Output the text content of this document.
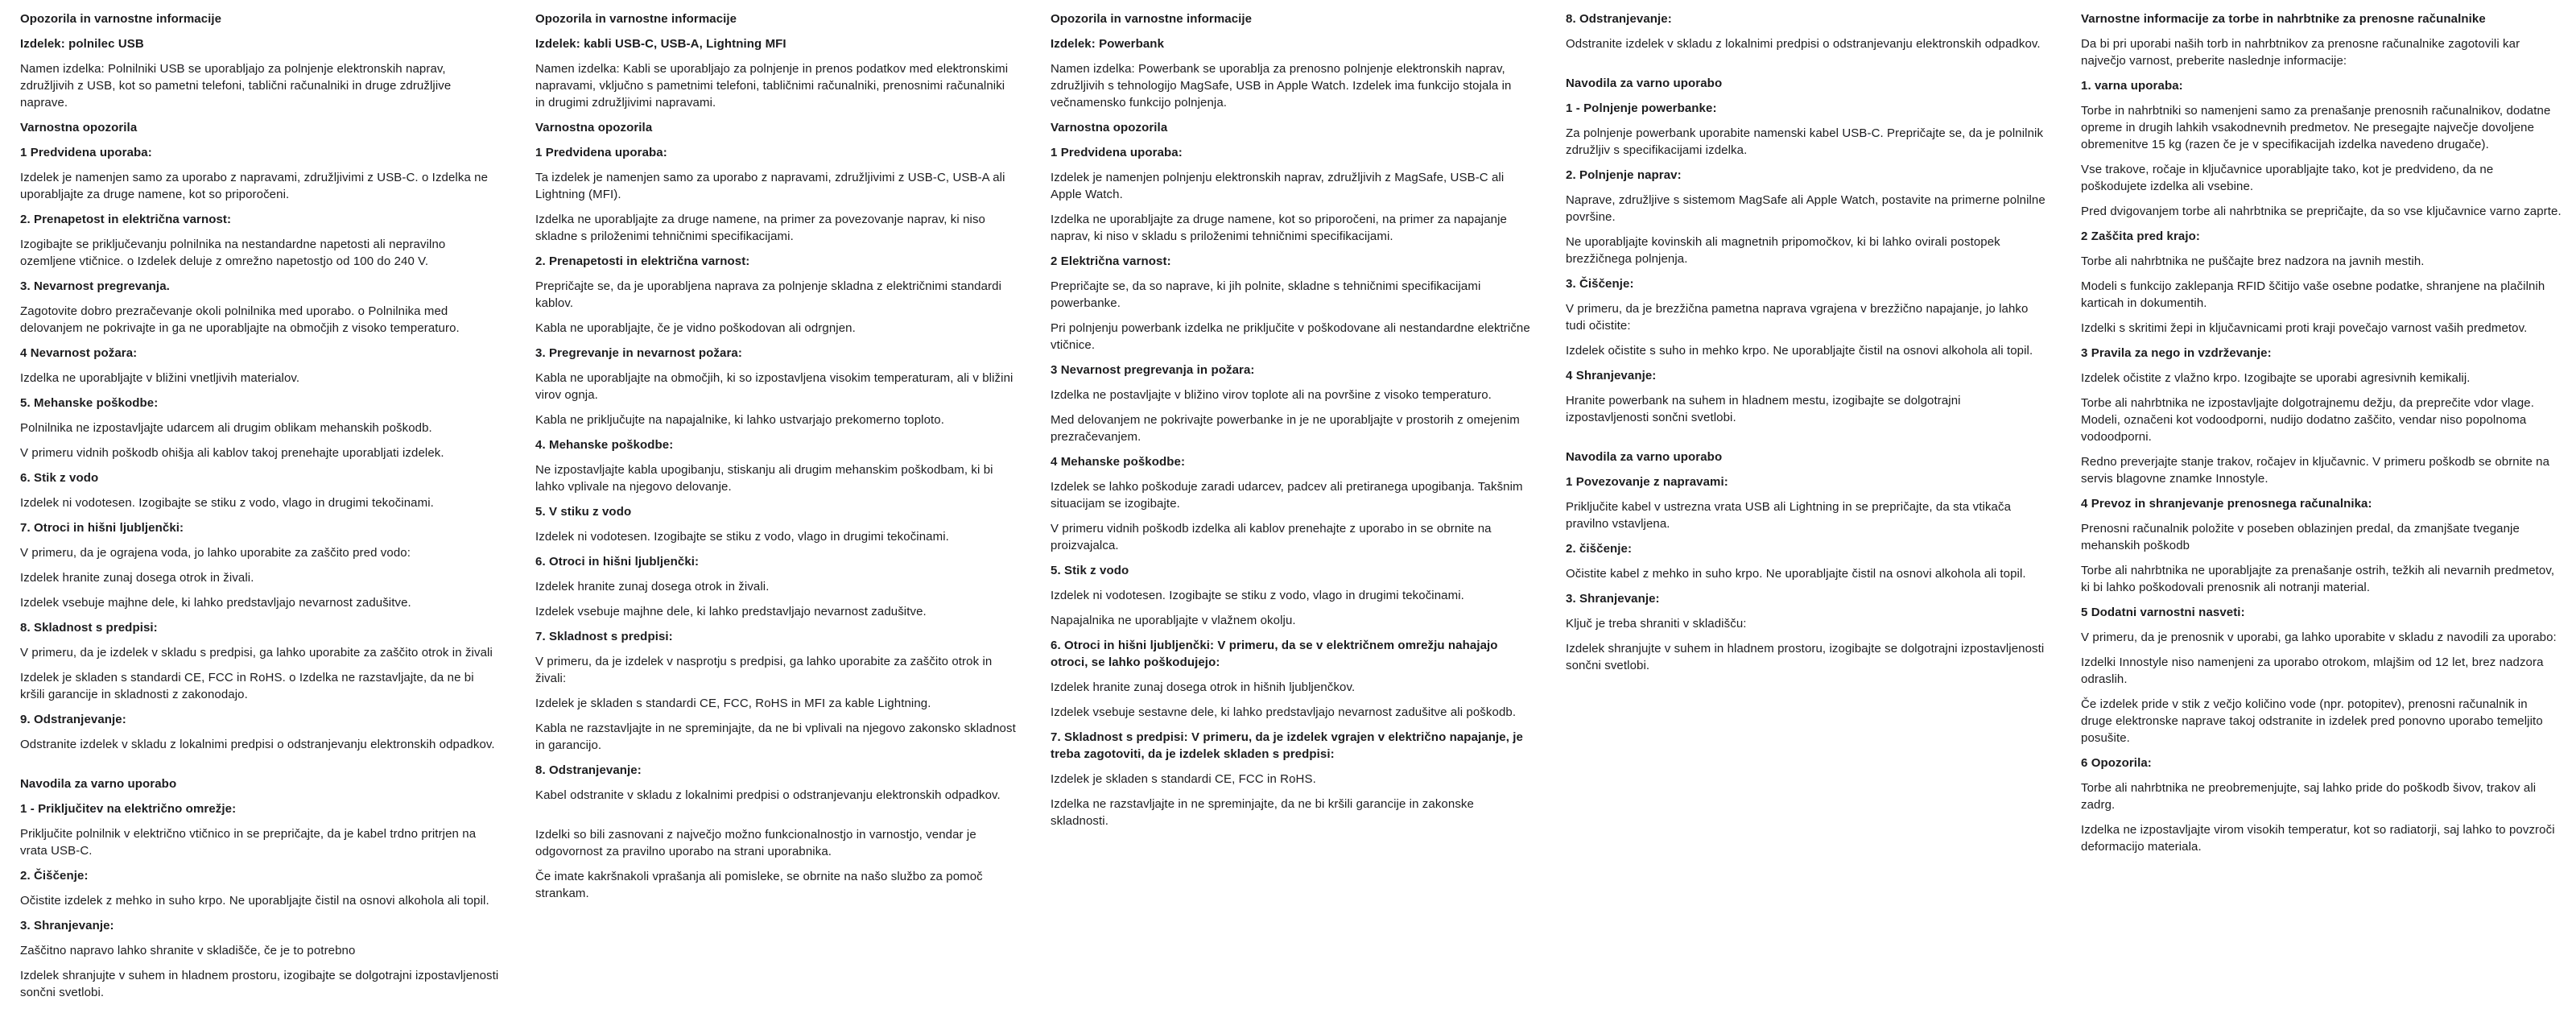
Opozorila in varnostne informacije
Izdelek: polnilec USB
Namen izdelka: Polnilniki USB se uporabljajo za polnjenje elektronskih naprav, združljivih z USB, kot so pametni telefoni, tablični računalniki in druge združljive naprave.
Varnostna opozorila
1 Predvidena uporaba:
Izdelek je namenjen samo za uporabo z napravami, združljivimi z USB-C. o Izdelka ne uporabljajte za druge namene, kot so priporočeni.
2. Prenapetost in električna varnost:
Izogibajte se priključevanju polnilnika na nestandardne napetosti ali nepravilno ozemljene vtičnice. o Izdelek deluje z omrežno napetostjo od 100 do 240 V.
3. Nevarnost pregrevanja.
Zagotovite dobro prezračevanje okoli polnilnika med uporabo. o Polnilnika med delovanjem ne pokrivajte in ga ne uporabljajte na območjih z visoko temperaturo.
4 Nevarnost požara:
Izdelka ne uporabljajte v bližini vnetljivih materialov.
5. Mehanske poškodbe:
Polnilnika ne izpostavljajte udarcem ali drugim oblikam mehanskih poškodb.
V primeru vidnih poškodb ohišja ali kablov takoj prenehajte uporabljati izdelek.
6. Stik z vodo
Izdelek ni vodotesen. Izogibajte se stiku z vodo, vlago in drugimi tekočinami.
7. Otroci in hišni ljubljenčki:
V primeru, da je ograjena voda, jo lahko uporabite za zaščito pred vodo:
Izdelek hranite zunaj dosega otrok in živali.
Izdelek vsebuje majhne dele, ki lahko predstavljajo nevarnost zadušitve.
8. Skladnost s predpisi:
V primeru, da je izdelek v skladu s predpisi, ga lahko uporabite za zaščito otrok in živali
Izdelek je skladen s standardi CE, FCC in RoHS. o Izdelka ne razstavljajte, da ne bi kršili garancije in skladnosti z zakonodajo.
9. Odstranjevanje:
Odstranite izdelek v skladu z lokalnimi predpisi o odstranjevanju elektronskih odpadkov.
Navodila za varno uporabo
1 - Priključitev na električno omrežje:
Priključite polnilnik v električno vtičnico in se prepričajte, da je kabel trdno pritrjen na vrata USB-C.
2. Čiščenje:
Očistite izdelek z mehko in suho krpo. Ne uporabljajte čistil na osnovi alkohola ali topil.
3. Shranjevanje:
Zaščitno napravo lahko shranite v skladišče, če je to potrebno
Izdelek shranjujte v suhem in hladnem prostoru, izogibajte se dolgotrajni izpostavljenosti sončni svetlobi.
Opozorila in varnostne informacije
Izdelek: kabli USB-C, USB-A, Lightning MFI
Namen izdelka: Kabli se uporabljajo za polnjenje in prenos podatkov med elektronskimi napravami, vključno s pametnimi telefoni, tabličnimi računalniki, prenosnimi računalniki in drugimi združljivimi napravami.
Varnostna opozorila
1 Predvidena uporaba:
Ta izdelek je namenjen samo za uporabo z napravami, združljivimi z USB-C, USB-A ali Lightning (MFI).
Izdelka ne uporabljajte za druge namene, na primer za povezovanje naprav, ki niso skladne s priloženimi tehničnimi specifikacijami.
2. Prenapetosti in električna varnost:
Prepričajte se, da je uporabljena naprava za polnjenje skladna z električnimi standardi kablov.
Kabla ne uporabljajte, če je vidno poškodovan ali odrgnjen.
3. Pregrevanje in nevarnost požara:
Kabla ne uporabljajte na območjih, ki so izpostavljena visokim temperaturam, ali v bližini virov ognja.
Kabla ne priključujte na napajalnike, ki lahko ustvarjajo prekomerno toploto.
4. Mehanske poškodbe:
Ne izpostavljajte kabla upogibanju, stiskanju ali drugim mehanskim poškodbam, ki bi lahko vplivale na njegovo delovanje.
5. V stiku z vodo
Izdelek ni vodotesen. Izogibajte se stiku z vodo, vlago in drugimi tekočinami.
6. Otroci in hišni ljubljenčki:
Izdelek hranite zunaj dosega otrok in živali.
Izdelek vsebuje majhne dele, ki lahko predstavljajo nevarnost zadušitve.
7. Skladnost s predpisi:
V primeru, da je izdelek v nasprotju s predpisi, ga lahko uporabite za zaščito otrok in živali:
Izdelek je skladen s standardi CE, FCC, RoHS in MFI za kable Lightning.
Kabla ne razstavljajte in ne spreminjajte, da ne bi vplivali na njegovo zakonsko skladnost in garancijo.
8. Odstranjevanje:
Kabel odstranite v skladu z lokalnimi predpisi o odstranjevanju elektronskih odpadkov.
Izdelki so bili zasnovani z največjo možno funkcionalnostjo in varnostjo, vendar je odgovornost za pravilno uporabo na strani uporabnika.
Če imate kakršnakoli vprašanja ali pomisleke, se obrnite na našo službo za pomoč strankam.
Opozorila in varnostne informacije
Izdelek: Powerbank
Namen izdelka: Powerbank se uporablja za prenosno polnjenje elektronskih naprav, združljivih s tehnologijo MagSafe, USB in Apple Watch. Izdelek ima funkcijo stojala in večnamensko funkcijo polnjenja.
Varnostna opozorila
1 Predvidena uporaba:
Izdelek je namenjen polnjenju elektronskih naprav, združljivih z MagSafe, USB-C ali Apple Watch.
Izdelka ne uporabljajte za druge namene, kot so priporočeni, na primer za napajanje naprav, ki niso v skladu s priloženimi tehničnimi specifikacijami.
2 Električna varnost:
Prepričajte se, da so naprave, ki jih polnite, skladne s tehničnimi specifikacijami powerbanke.
Pri polnjenju powerbank izdelka ne priključite v poškodovane ali nestandardne električne vtičnice.
3 Nevarnost pregrevanja in požara:
Izdelka ne postavljajte v bližino virov toplote ali na površine z visoko temperaturo.
Med delovanjem ne pokrivajte powerbanke in je ne uporabljajte v prostorih z omejenim prezračevanjem.
4 Mehanske poškodbe:
Izdelek se lahko poškoduje zaradi udarcev, padcev ali pretiranega upogibanja. Takšnim situacijam se izogibajte.
V primeru vidnih poškodb izdelka ali kablov prenehajte z uporabo in se obrnite na proizvajalca.
5. Stik z vodo
Izdelek ni vodotesen. Izogibajte se stiku z vodo, vlago in drugimi tekočinami.
Napajalnika ne uporabljajte v vlažnem okolju.
6. Otroci in hišni ljubljenčki: V primeru, da se v električnem omrežju nahajajo otroci, se lahko poškodujejo:
Izdelek hranite zunaj dosega otrok in hišnih ljubljenčkov.
Izdelek vsebuje sestavne dele, ki lahko predstavljajo nevarnost zadušitve ali poškodb.
7. Skladnost s predpisi: V primeru, da je izdelek vgrajen v električno napajanje, je treba zagotoviti, da je izdelek skladen s predpisi:
Izdelek je skladen s standardi CE, FCC in RoHS.
Izdelka ne razstavljajte in ne spreminjajte, da ne bi kršili garancije in zakonske skladnosti.
8. Odstranjevanje:
Odstranite izdelek v skladu z lokalnimi predpisi o odstranjevanju elektronskih odpadkov.
Navodila za varno uporabo
1 - Polnjenje powerbanke:
Za polnjenje powerbank uporabite namenski kabel USB-C. Prepričajte se, da je polnilnik združljiv s specifikacijami izdelka.
2. Polnjenje naprav:
Naprave, združljive s sistemom MagSafe ali Apple Watch, postavite na primerne polnilne površine.
Ne uporabljajte kovinskih ali magnetnih pripomočkov, ki bi lahko ovirali postopek brezžičnega polnjenja.
3. Čiščenje:
V primeru, da je brezžična pametna naprava vgrajena v brezžično napajanje, jo lahko tudi očistite:
Izdelek očistite s suho in mehko krpo. Ne uporabljajte čistil na osnovi alkohola ali topil.
4 Shranjevanje:
Hranite powerbank na suhem in hladnem mestu, izogibajte se dolgotrajni izpostavljenosti sončni svetlobi.
Navodila za varno uporabo
1 Povezovanje z napravami:
Priključite kabel v ustrezna vrata USB ali Lightning in se prepričajte, da sta vtikača pravilno vstavljena.
2. čiščenje:
Očistite kabel z mehko in suho krpo. Ne uporabljajte čistil na osnovi alkohola ali topil.
3. Shranjevanje:
Ključ je treba shraniti v skladišču:
Izdelek shranjujte v suhem in hladnem prostoru, izogibajte se dolgotrajni izpostavljenosti sončni svetlobi.
Varnostne informacije za torbe in nahrbtnike za prenosne računalnike
Da bi pri uporabi naših torb in nahrbtnikov za prenosne računalnike zagotovili kar največjo varnost, preberite naslednje informacije:
1. varna uporaba:
Torbe in nahrbtniki so namenjeni samo za prenašanje prenosnih računalnikov, dodatne opreme in drugih lahkih vsakodnevnih predmetov. Ne presegajte največje dovoljene obremenitve 15 kg (razen če je v specifikacijah izdelka navedeno drugače).
Vse trakove, ročaje in ključavnice uporabljajte tako, kot je predvideno, da ne poškodujete izdelka ali vsebine.
Pred dvigovanjem torbe ali nahrbtnika se prepričajte, da so vse ključavnice varno zaprte.
2 Zaščita pred krajo:
Torbe ali nahrbtnika ne puščajte brez nadzora na javnih mestih.
Modeli s funkcijo zaklepanja RFID ščitijo vaše osebne podatke, shranjene na plačilnih karticah in dokumentih.
Izdelki s skritimi žepi in ključavnicami proti kraji povečajo varnost vaših predmetov.
3 Pravila za nego in vzdrževanje:
Izdelek očistite z vlažno krpo. Izogibajte se uporabi agresivnih kemikalij.
Torbe ali nahrbtnika ne izpostavljajte dolgotrajnemu dežju, da preprečite vdor vlage. Modeli, označeni kot vodoodporni, nudijo dodatno zaščito, vendar niso popolnoma vodoodporni.
Redno preverjajte stanje trakov, ročajev in ključavnic. V primeru poškodb se obrnite na servis blagovne znamke Innostyle.
4 Prevoz in shranjevanje prenosnega računalnika:
Prenosni računalnik položite v poseben oblazinjen predal, da zmanjšate tveganje mehanskih poškodb
Torbe ali nahrbtnika ne uporabljajte za prenašanje ostrih, težkih ali nevarnih predmetov, ki bi lahko poškodovali prenosnik ali notranji material.
5 Dodatni varnostni nasveti:
V primeru, da je prenosnik v uporabi, ga lahko uporabite v skladu z navodili za uporabo:
Izdelki Innostyle niso namenjeni za uporabo otrokom, mlajšim od 12 let, brez nadzora odraslih.
Če izdelek pride v stik z večjo količino vode (npr. potopitev), prenosni računalnik in druge elektronske naprave takoj odstranite in izdelek pred ponovno uporabo temeljito posušite.
6 Opozorila:
Torbe ali nahrbtnika ne preobremenjujte, saj lahko pride do poškodb šivov, trakov ali zadrg.
Izdelka ne izpostavljajte virom visokih temperatur, kot so radiatorji, saj lahko to povzroči deformacijo materiala.
